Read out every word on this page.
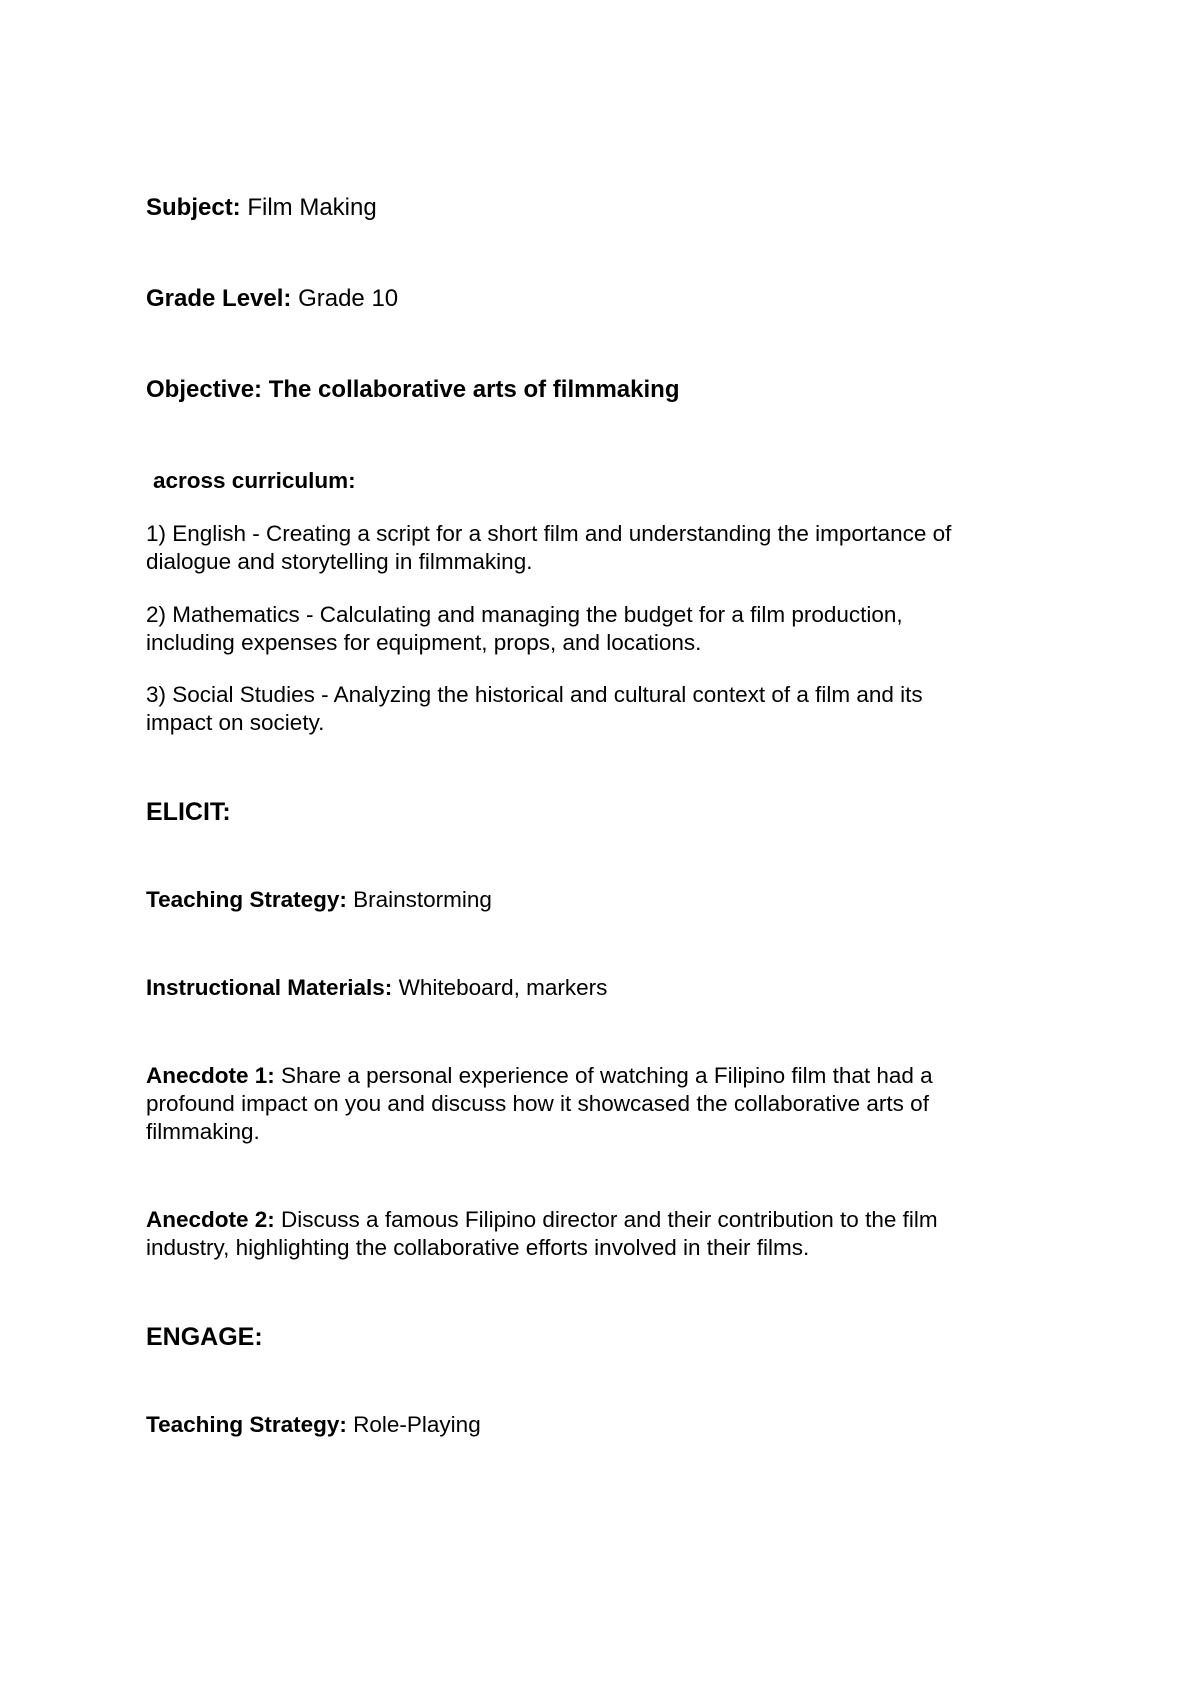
Subject: Film Making

Grade Level: Grade 10

Objective: The collaborative arts of filmmaking

across curriculum:

1) English - Creating a script for a short film and understanding the importance of
dialogue and storytelling in filmmaking.
2) Mathematics - Calculating and managing the budget for a film production,
including expenses for equipment, props, and locations.
3) Social Studies - Analyzing the historical and cultural context of a film and its
impact on society.

ELICIT:

Teaching Strategy: Brainstorming

Instructional Materials: Whiteboard, markers

Anecdote 1: Share a personal experience of watching a Filipino film that had a
profound impact on you and discuss how it showcased the collaborative arts of
filmmaking.
Anecdote 2: Discuss a famous Filipino director and their contribution to the film
industry, highlighting the collaborative efforts involved in their films.

ENGAGE:

Teaching Strategy: Role-Playing
